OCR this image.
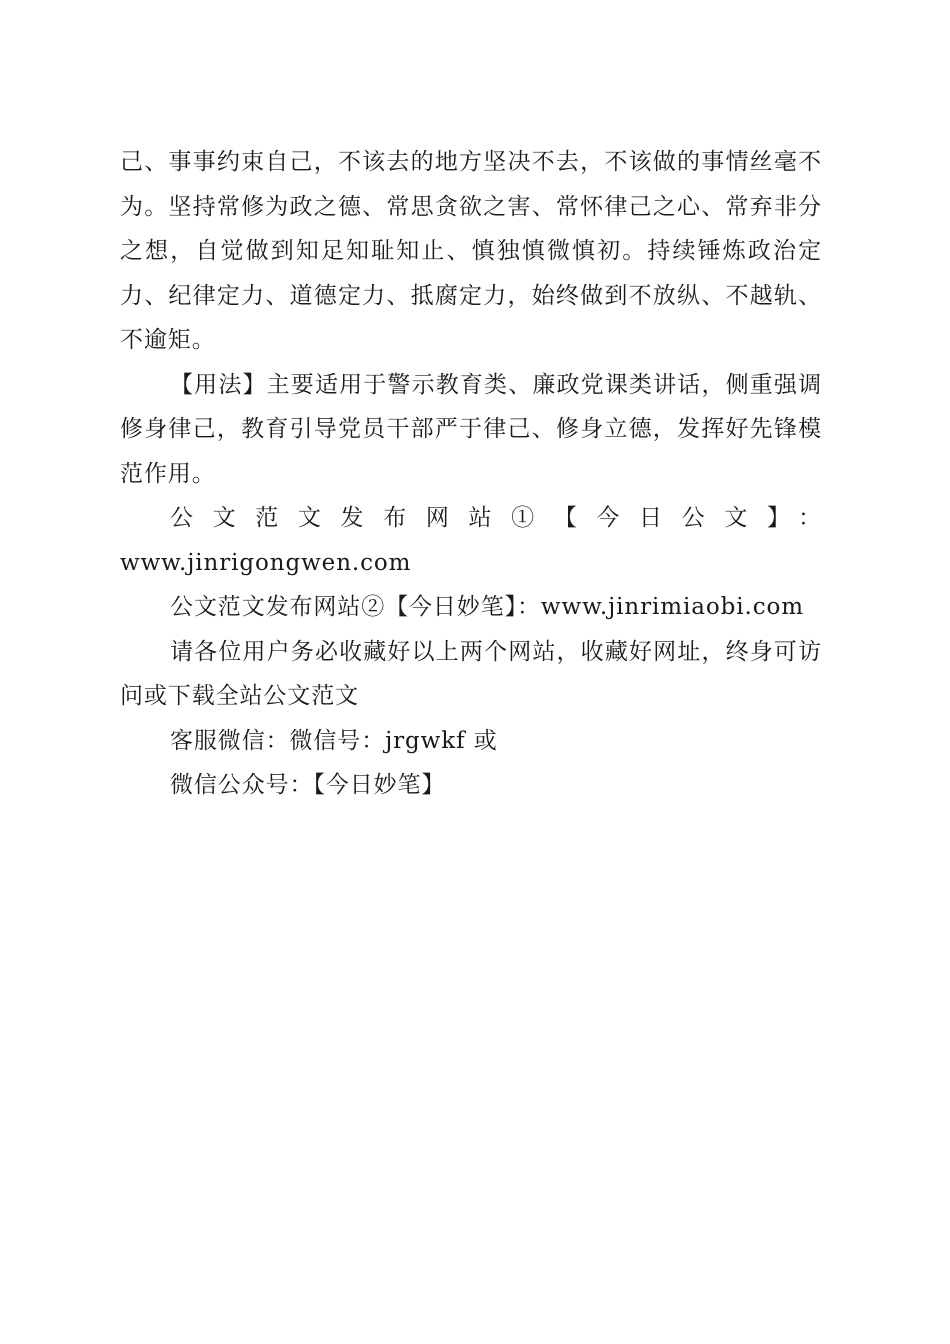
己、事事约束自己，不该去的地方坚决不去，不该做的事情丝毫不为。坚持常修为政之德、常思贪欲之害、常怀律己之心、常弃非分之想，自觉做到知足知耻知止、慎独慎微慎初。持续锤炼政治定力、纪律定力、道德定力、抵腐定力，始终做到不放纵、不越轨、不逾矩。

【用法】主要适用于警示教育类、廉政党课类讲话，侧重强调修身律己，教育引导党员干部严于律己、修身立德，发挥好先锋模范作用。

公文范文发布网站①【今日公文】：

www.jinrigongwen.com

公文范文发布网站②【今日妙笔】：www.jinrimiaobi.com

请各位用户务必收藏好以上两个网站，收藏好网址，终身可访问或下载全站公文范文

客服微信：微信号：jrgwkf 或

微信公众号：【今日妙笔】
